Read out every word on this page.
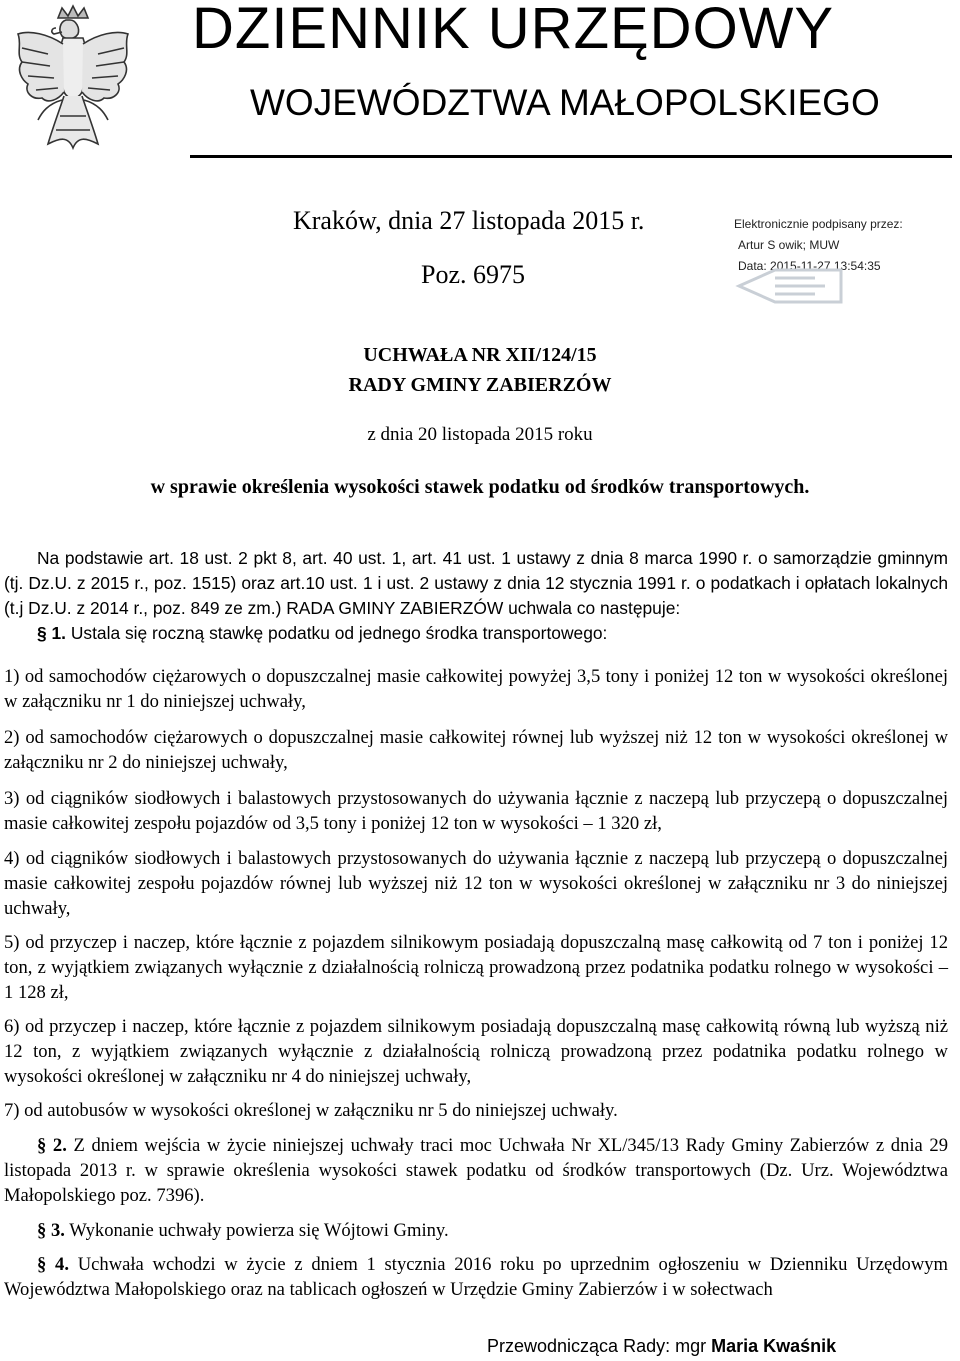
DZIENNIK URZĘDOWY
WOJEWÓDZTWA MAŁOPOLSKIEGO
Kraków, dnia 27 listopada 2015 r.
Poz. 6975
Elektronicznie podpisany przez:
Artur S owik; MUW
Data: 2015-11-27 13:54:35
UCHWAŁA NR XII/124/15
RADY GMINY ZABIERZÓW
z dnia 20 listopada 2015 roku
w sprawie określenia wysokości stawek podatku od środków transportowych.
Na podstawie art. 18 ust. 2 pkt 8, art. 40 ust. 1, art. 41 ust. 1 ustawy z dnia 8 marca 1990 r. o samorządzie gminnym (tj. Dz.U. z 2015 r., poz. 1515) oraz art.10 ust. 1 i ust. 2 ustawy z dnia 12 stycznia 1991 r. o podatkach i opłatach lokalnych (t.j Dz.U. z 2014 r., poz. 849 ze zm.) RADA GMINY ZABIERZÓW uchwala co następuje:
§ 1. Ustala się roczną stawkę podatku od jednego środka transportowego:
1) od samochodów ciężarowych o dopuszczalnej masie całkowitej powyżej 3,5 tony i poniżej 12 ton w wysokości określonej w załączniku nr 1 do niniejszej uchwały,
2) od samochodów ciężarowych o dopuszczalnej masie całkowitej równej lub wyższej niż 12 ton w wysokości określonej w załączniku nr 2 do niniejszej uchwały,
3) od ciągników siodłowych i balastowych przystosowanych do używania łącznie z naczepą lub przyczepą o dopuszczalnej masie całkowitej zespołu pojazdów od 3,5 tony i poniżej 12 ton w wysokości – 1 320 zł,
4) od ciągników siodłowych i balastowych przystosowanych do używania łącznie z naczepą lub przyczepą o dopuszczalnej masie całkowitej zespołu pojazdów równej lub wyższej niż 12 ton w wysokości określonej w załączniku nr 3 do niniejszej uchwały,
5) od przyczep i naczep, które łącznie z pojazdem silnikowym posiadają dopuszczalną masę całkowitą od 7 ton i poniżej 12 ton, z wyjątkiem związanych wyłącznie z działalnością rolniczą prowadzoną przez podatnika podatku rolnego w wysokości – 1 128 zł,
6) od przyczep i naczep, które łącznie z pojazdem silnikowym posiadają dopuszczalną masę całkowitą równą lub wyższą niż 12 ton, z wyjątkiem związanych wyłącznie z działalnością rolniczą prowadzoną przez podatnika podatku rolnego w wysokości określonej w załączniku nr 4 do niniejszej uchwały,
7) od autobusów w wysokości określonej w załączniku nr 5 do niniejszej uchwały.
§ 2. Z dniem wejścia w życie niniejszej uchwały traci moc Uchwała Nr XL/345/13 Rady Gminy Zabierzów z dnia 29 listopada 2013 r. w sprawie określenia wysokości stawek podatku od środków transportowych (Dz. Urz. Województwa Małopolskiego poz. 7396).
§ 3. Wykonanie uchwały powierza się Wójtowi Gminy.
§ 4. Uchwała wchodzi w życie z dniem 1 stycznia 2016 roku po uprzednim ogłoszeniu w Dzienniku Urzędowym Województwa Małopolskiego oraz na tablicach ogłoszeń w Urzędzie Gminy Zabierzów i w sołectwach
Przewodnicząca Rady: mgr Maria Kwaśnik
